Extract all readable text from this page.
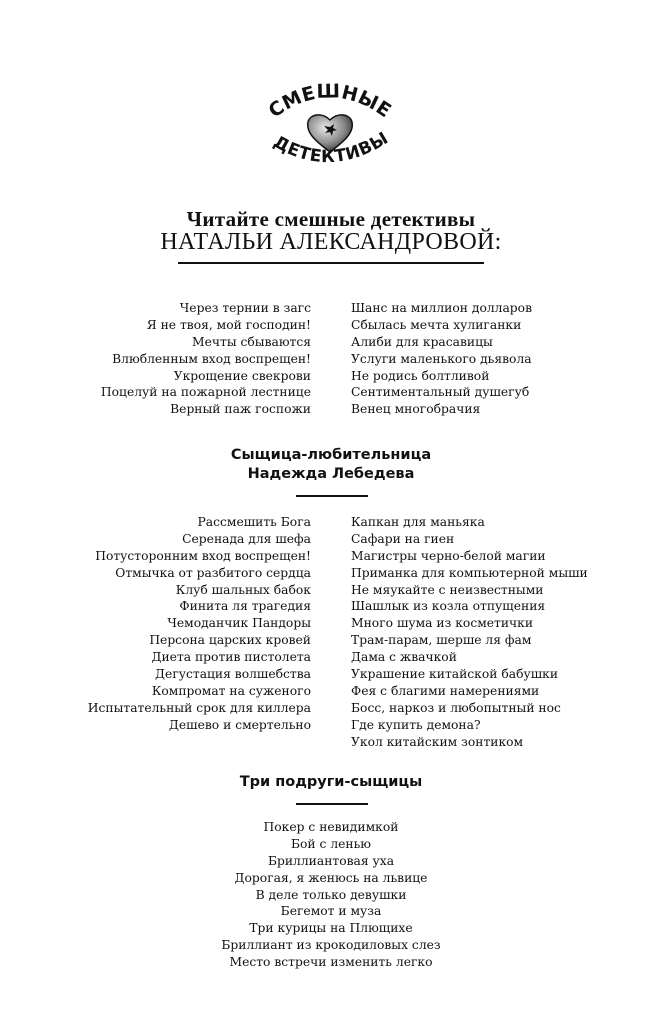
СМЕШНЫЕ
ДЕТЕКТИВЫ
Читайте смешные детективы
НАТАЛЬИ АЛЕКСАНДРОВОЙ:
Через тернии в загс
Я не твоя, мой господин!
Мечты сбываются
Влюбленным вход воспрещен!
Укрощение свекрови
Поцелуй на пожарной лестнице
Верный паж госпожи
Шанс на миллион долларов
Сбылась мечта хулиганки
Алиби для красавицы
Услуги маленького дьявола
Не родись болтливой
Сентиментальный душегуб
Венец многобрачия
Сыщица-любительница
Надежда Лебедева
Рассмешить Бога
Серенада для шефа
Потусторонним вход воспрещен!
Отмычка от разбитого сердца
Клуб шальных бабок
Финита ля трагедия
Чемоданчик Пандоры
Персона царских кровей
Диета против пистолета
Дегустация волшебства
Компромат на суженого
Испытательный срок для киллера
Дешево и смертельно
Капкан для маньяка
Сафари на гиен
Магистры черно-белой магии
Приманка для компьютерной мыши
Не мяукайте с неизвестными
Шашлык из козла отпущения
Много шума из косметички
Трам-парам, шерше ля фам
Дама с жвачкой
Украшение китайской бабушки
Фея с благими намерениями
Босс, наркоз и любопытный нос
Где купить демона?
Укол китайским зонтиком
Три подруги-сыщицы
Покер с невидимкой
Бой с ленью
Бриллиантовая уха
Дорогая, я женюсь на львице
В деле только девушки
Бегемот и муза
Три курицы на Плющихе
Бриллиант из крокодиловых слез
Место встречи изменить легко
